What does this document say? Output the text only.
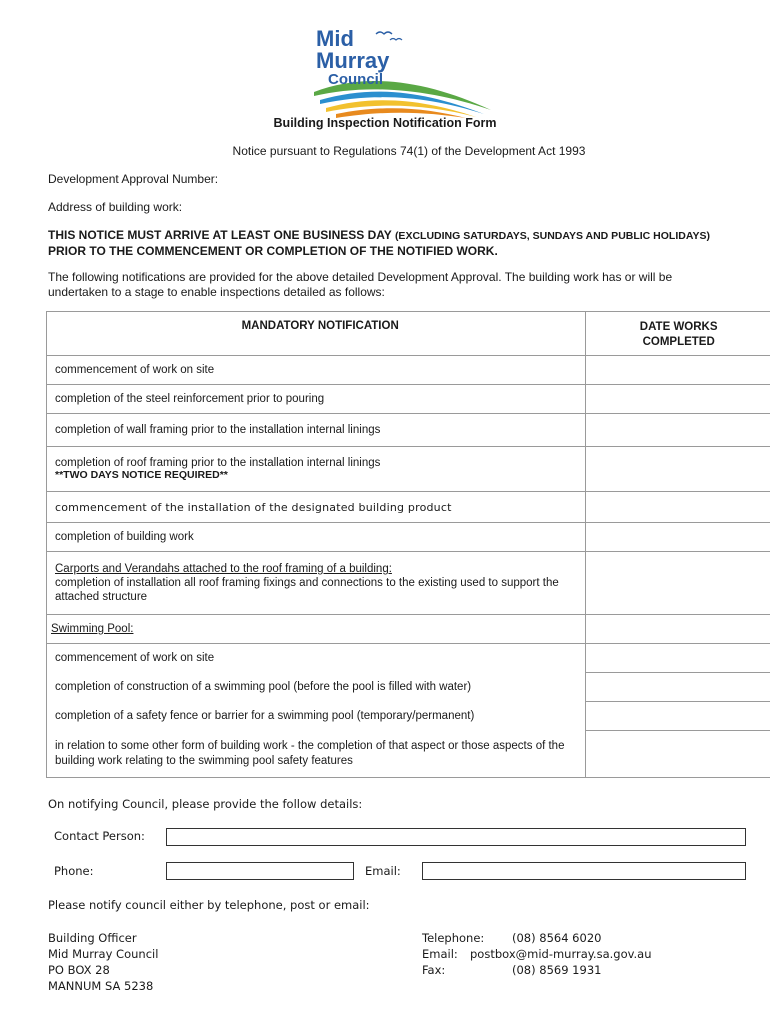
Mid
Murray
Council
Building Inspection Notification Form
Notice pursuant to Regulations 74(1) of the Development Act 1993
Development Approval Number:
Address of building work:
THIS NOTICE MUST ARRIVE AT LEAST ONE BUSINESS DAY (EXCLUDING SATURDAYS, SUNDAYS AND PUBLIC HOLIDAYS) PRIOR TO THE COMMENCEMENT OR COMPLETION OF THE NOTIFIED WORK.
The following notifications are provided for the above detailed Development Approval. The building work has or will be undertaken to a stage to enable inspections detailed as follows:
MANDATORY NOTIFICATION	DATE WORKS COMPLETED

commencement of work on site	
completion of the steel reinforcement prior to pouring	
completion of wall framing prior to the installation internal linings	

completion of roof framing prior to the installation internal linings
**TWO DAYS NOTICE REQUIRED**	

commencement of the installation of the designated building product	
completion of building work	

Carports and Verandahs attached to the roof framing of a building:
completion of installation all roof framing fixings and connections to the existing used to support the attached structure	

Swimming Pool:	
commencement of work on site	
completion of construction of a swimming pool (before the pool is filled with water)	
completion of a safety fence or barrier for a swimming pool (temporary/permanent)	
in relation to some other form of building work - the completion of that aspect or those aspects of the building work relating to the swimming pool safety features	
On notifying Council, please provide the follow details:
Contact Person:
Phone:	Email:
Please notify council either by telephone, post or email:
Building Officer
Mid Murray Council
PO BOX 28
MANNUM SA 5238
Telephone: (08) 8564 6020
Email: postbox@mid-murray.sa.gov.au
Fax:	(08) 8569 1931
